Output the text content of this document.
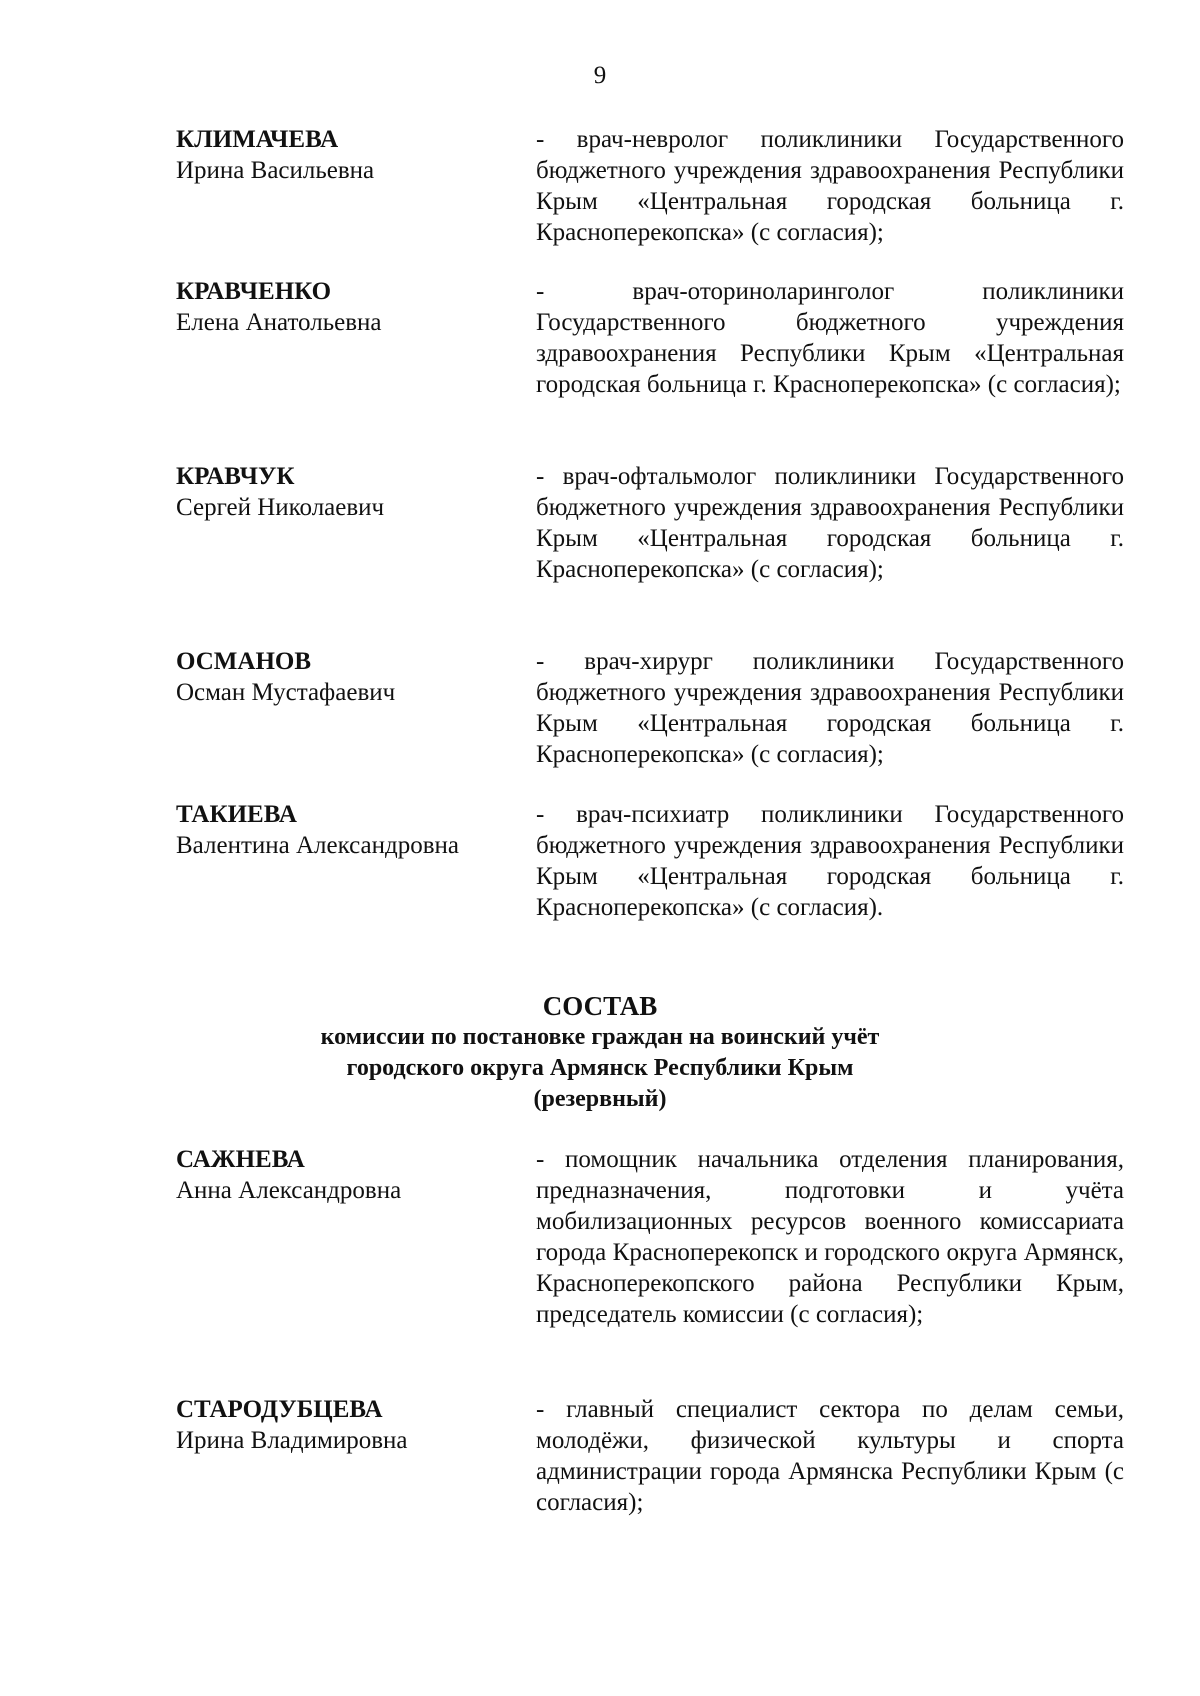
9
КЛИМАЧЕВА
Ирина Васильевна
- врач-невролог поликлиники Государственного бюджетного учреждения здравоохранения Республики Крым «Центральная городская больница г. Красноперекопска» (с согласия);
КРАВЧЕНКО
Елена Анатольевна
- врач-оториноларинголог поликлиники Государственного бюджетного учреждения здравоохранения Республики Крым «Центральная городская больница г. Красноперекопска» (с согласия);
КРАВЧУК
Сергей Николаевич
- врач-офтальмолог поликлиники Государственного бюджетного учреждения здравоохранения Республики Крым «Центральная городская больница г. Красноперекопска» (с согласия);
ОСМАНОВ
Осман Мустафаевич
- врач-хирург поликлиники Государственного бюджетного учреждения здравоохранения Республики Крым «Центральная городская больница г. Красноперекопска» (с согласия);
ТАКИЕВА
Валентина Александровна
- врач-психиатр поликлиники Государственного бюджетного учреждения здравоохранения Республики Крым «Центральная городская больница г. Красноперекопска» (с согласия).
СОСТАВ
комиссии по постановке граждан на воинский учёт
городского округа Армянск Республики Крым
(резервный)
САЖНЕВА
Анна Александровна
- помощник начальника отделения планирования, предназначения, подготовки и учёта мобилизационных ресурсов военного комиссариата города Красноперекопск и городского округа Армянск, Красноперекопского района Республики Крым, председатель комиссии (с согласия);
СТАРОДУБЦЕВА
Ирина Владимировна
- главный специалист сектора по делам семьи, молодёжи, физической культуры и спорта администрации города Армянска Республики Крым (с согласия);
